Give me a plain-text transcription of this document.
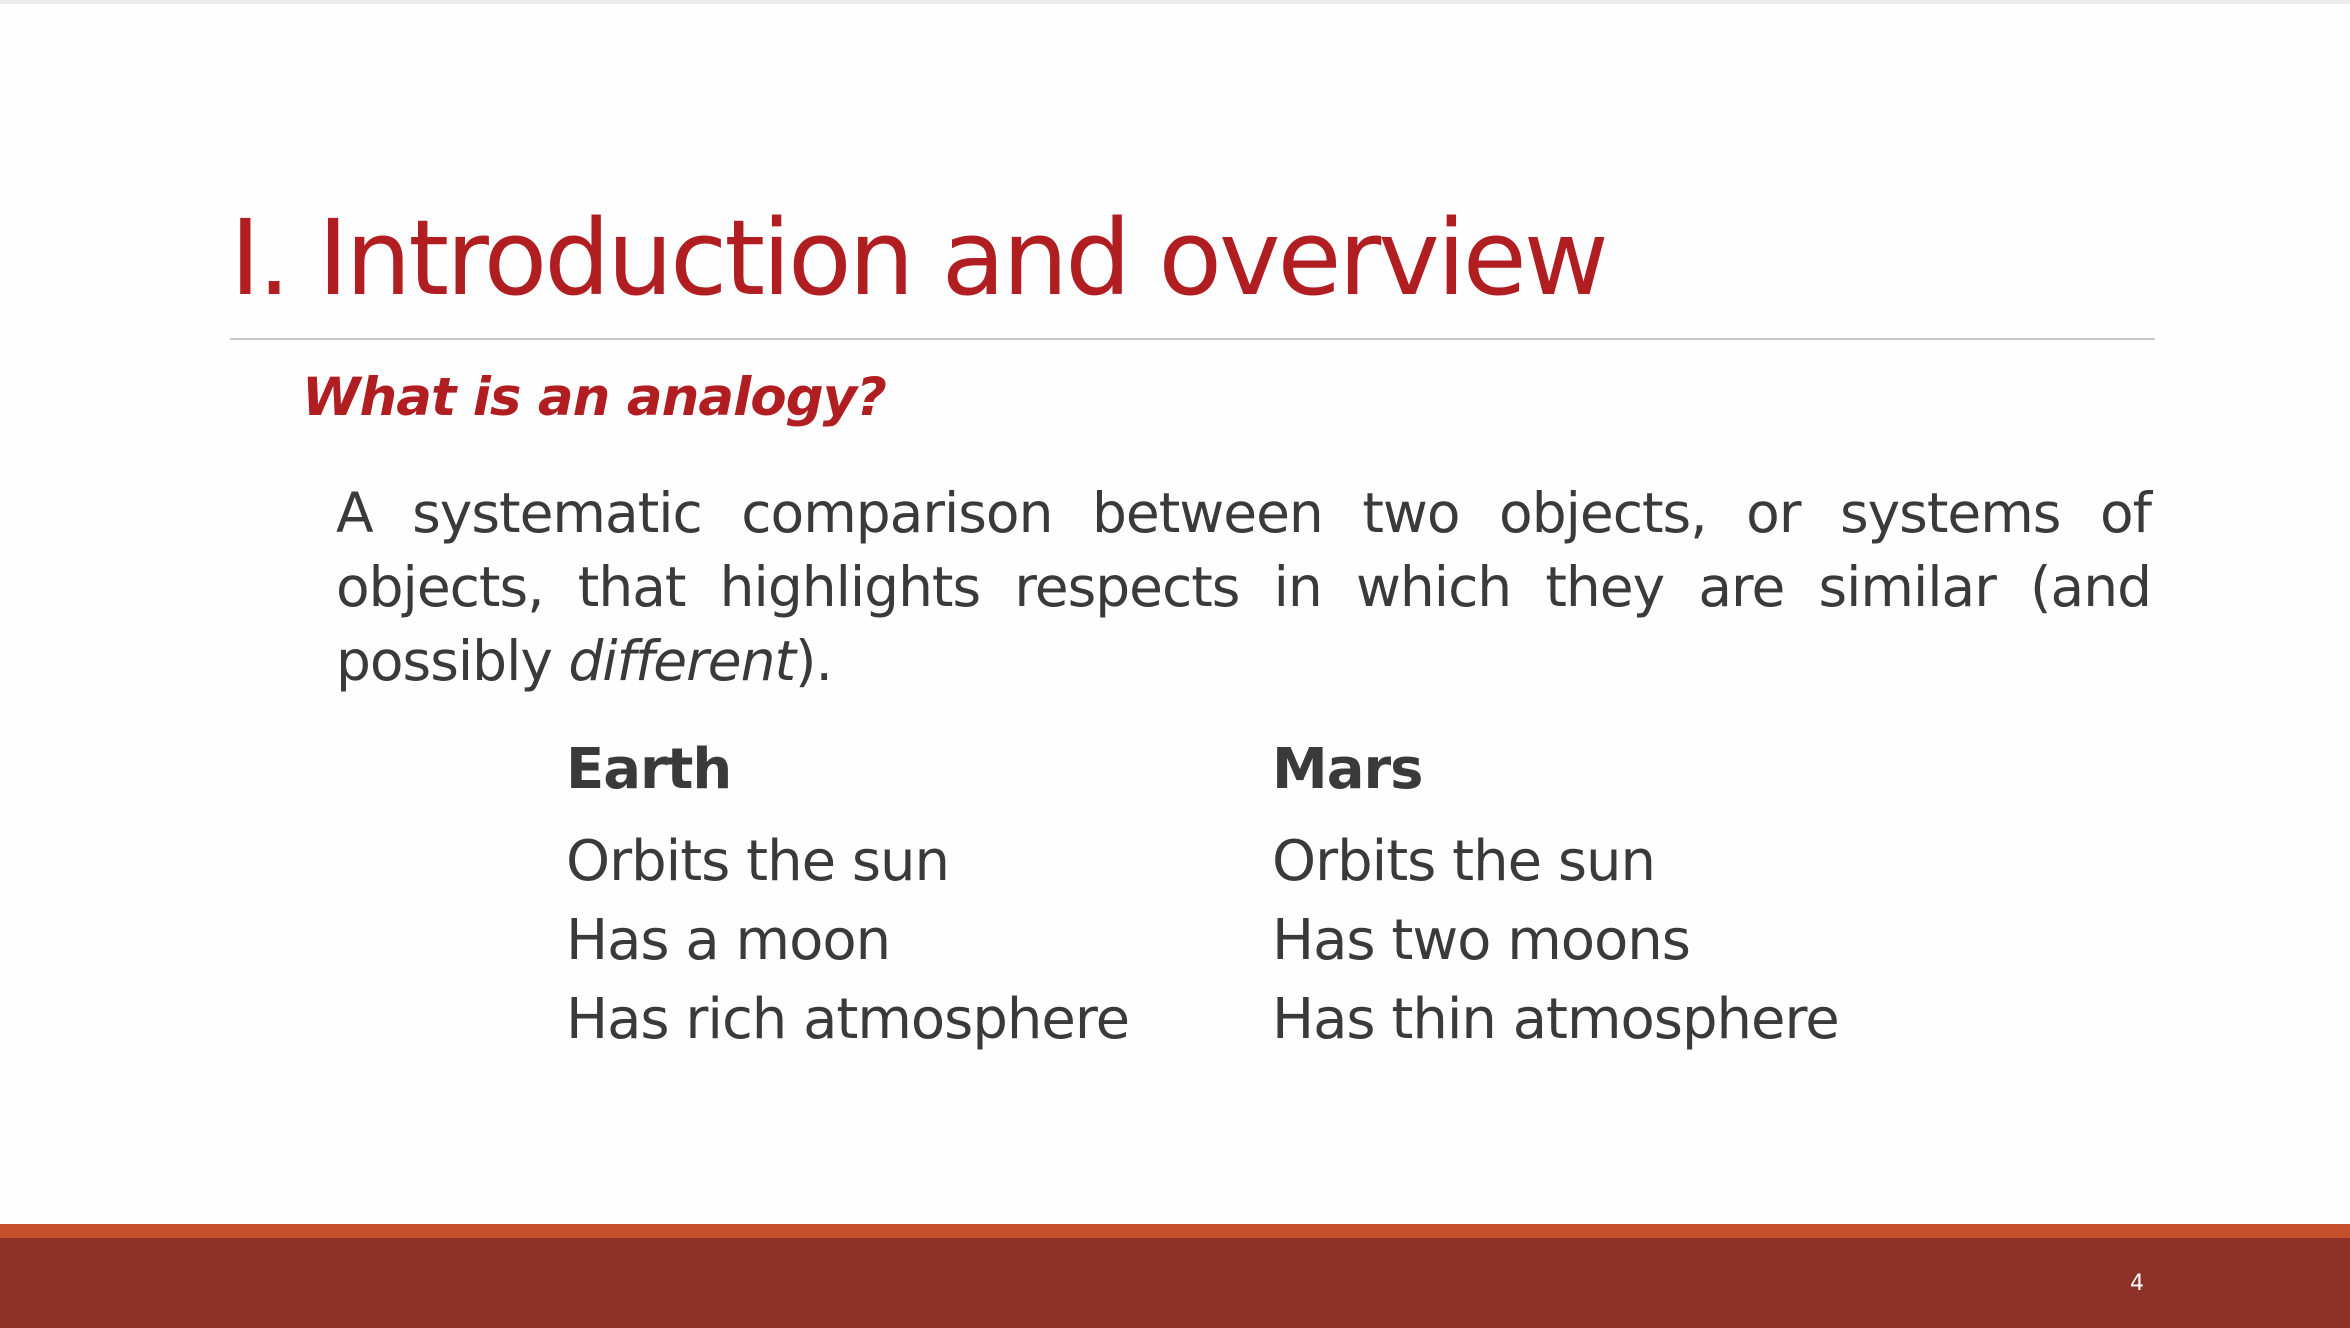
I. Introduction and overview
What is an analogy?

A systematic comparison between two objects, or systems of objects, that highlights respects in which they are similar (and possibly different).

Earth
Orbits the sun
Has a moon
Has rich atmosphere
Mars
Orbits the sun
Has two moons
Has thin atmosphere
4
